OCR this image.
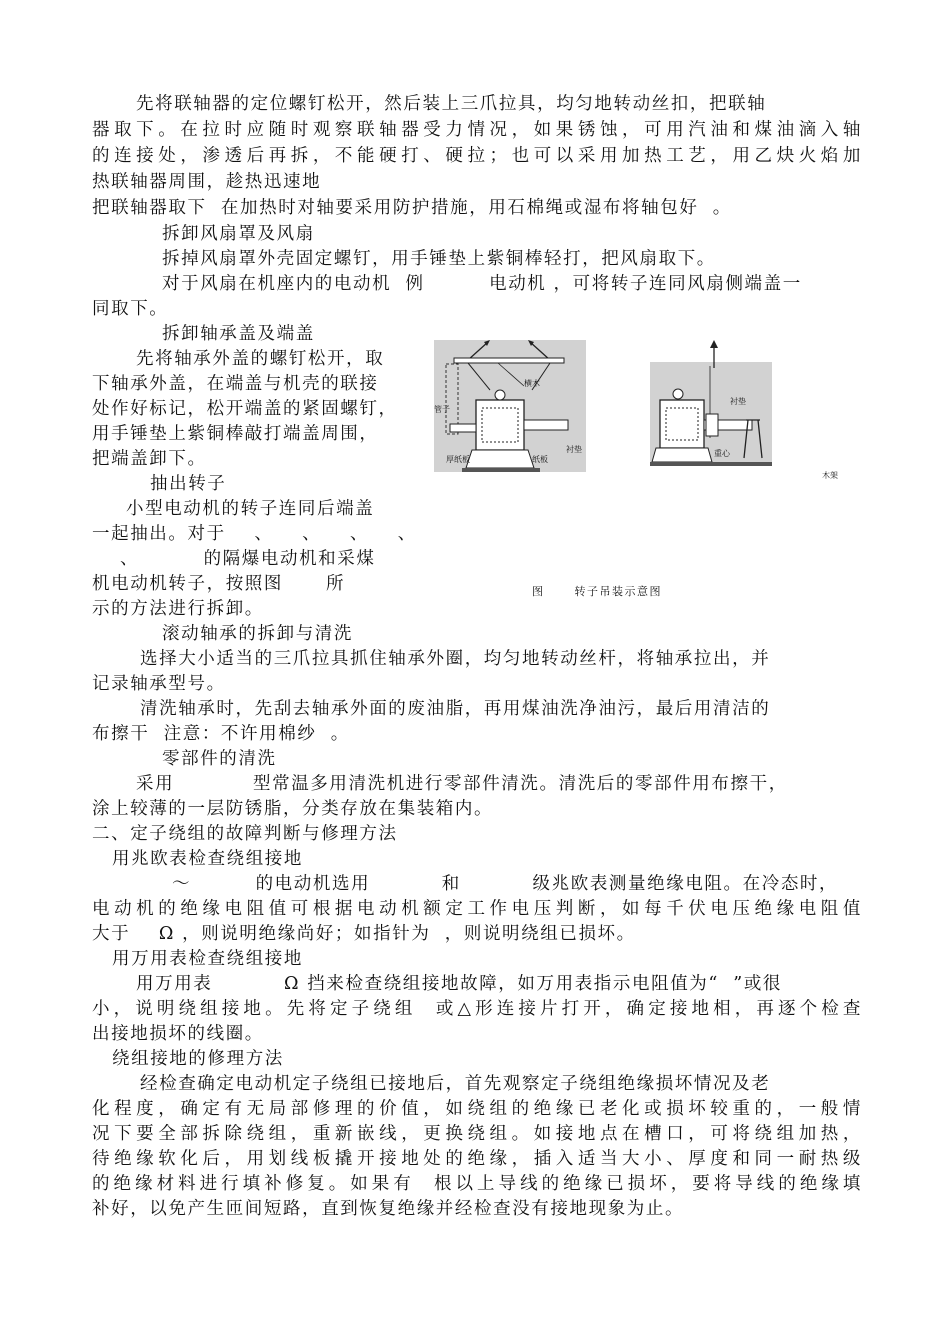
先将联轴器的定位螺钉松开，然后装上三爪拉具，均匀地转动丝扣，把联轴
器取下。在拉时应随时观察联轴器受力情况，如果锈蚀，可用汽油和煤油滴入轴
的连接处，渗透后再拆，不能硬打、硬拉；也可以采用加热工艺，用乙炔火焰加
热联轴器周围，趁热迅速地
把联轴器取下  在加热时对轴要采用防护措施，用石棉绳或湿布将轴包好  。
拆卸风扇罩及风扇
拆掉风扇罩外壳固定螺钉，用手锤垫上紫铜棒轻打，把风扇取下。
对于风扇在机座内的电动机  例         电动机 ，可将转子连同风扇侧端盖一
同取下。
拆卸轴承盖及端盖
先将轴承外盖的螺钉松开，取
下轴承外盖，在端盖与机壳的联接
处作好标记，松开端盖的紧固螺钉，
用手锤垫上紫铜棒敲打端盖周围，
把端盖卸下。
抽出转子
小型电动机的转子连同后端盖
一起抽出。对于    、    、    、    、
、         的隔爆电动机和采煤
机电动机转子，按照图      所
示的方法进行拆卸。
滚动轴承的拆卸与清洗
选择大小适当的三爪拉具抓住轴承外圈，均匀地转动丝杆，将轴承拉出，并
记录轴承型号。
清洗轴承时，先刮去轴承外面的废油脂，再用煤油洗净油污，最后用清洁的
布擦干  注意：不许用棉纱  。
零部件的清洗
采用           型常温多用清洗机进行零部件清洗。清洗后的零部件用布擦干，
涂上较薄的一层防锈脂，分类存放在集装箱内。
二、定子绕组的故障判断与修理方法
用兆欧表检查绕组接地
～         的电动机选用          和          级兆欧表测量绝缘电阻。在冷态时，
电动机的绝缘电阻值可根据电动机额定工作电压判断，如每千伏电压绝缘电阻值
大于    Ω ，则说明绝缘尚好；如指针为  ，则说明绕组已损坏。
用万用表检查绕组接地
用万用表          Ω 挡来检查绕组接地故障，如万用表指示电阻值为“  ”或很
小，说明绕组接地。先将定子绕组  或△形连接片打开，确定接地相，再逐个检查
出接地损坏的线圈。
绕组接地的修理方法
经检查确定电动机定子绕组已接地后，首先观察定子绕组绝缘损坏情况及老
化程度，确定有无局部修理的价值，如绕组的绝缘已老化或损坏较重的，一般情
况下要全部拆除绕组，重新嵌线，更换绕组。如接地点在槽口，可将绕组加热，
待绝缘软化后，用划线板撬开接地处的绝缘，插入适当大小、厚度和同一耐热级
的绝缘材料进行填补修复。如果有  根以上导线的绝缘已损坏，要将导线的绝缘填
补好，以免产生匝间短路，直到恢复绝缘并经检查没有接地现象为止。
横木
管子
厚纸板	纸板
衬垫
衬垫
重心
木架
图      转子吊装示意图
